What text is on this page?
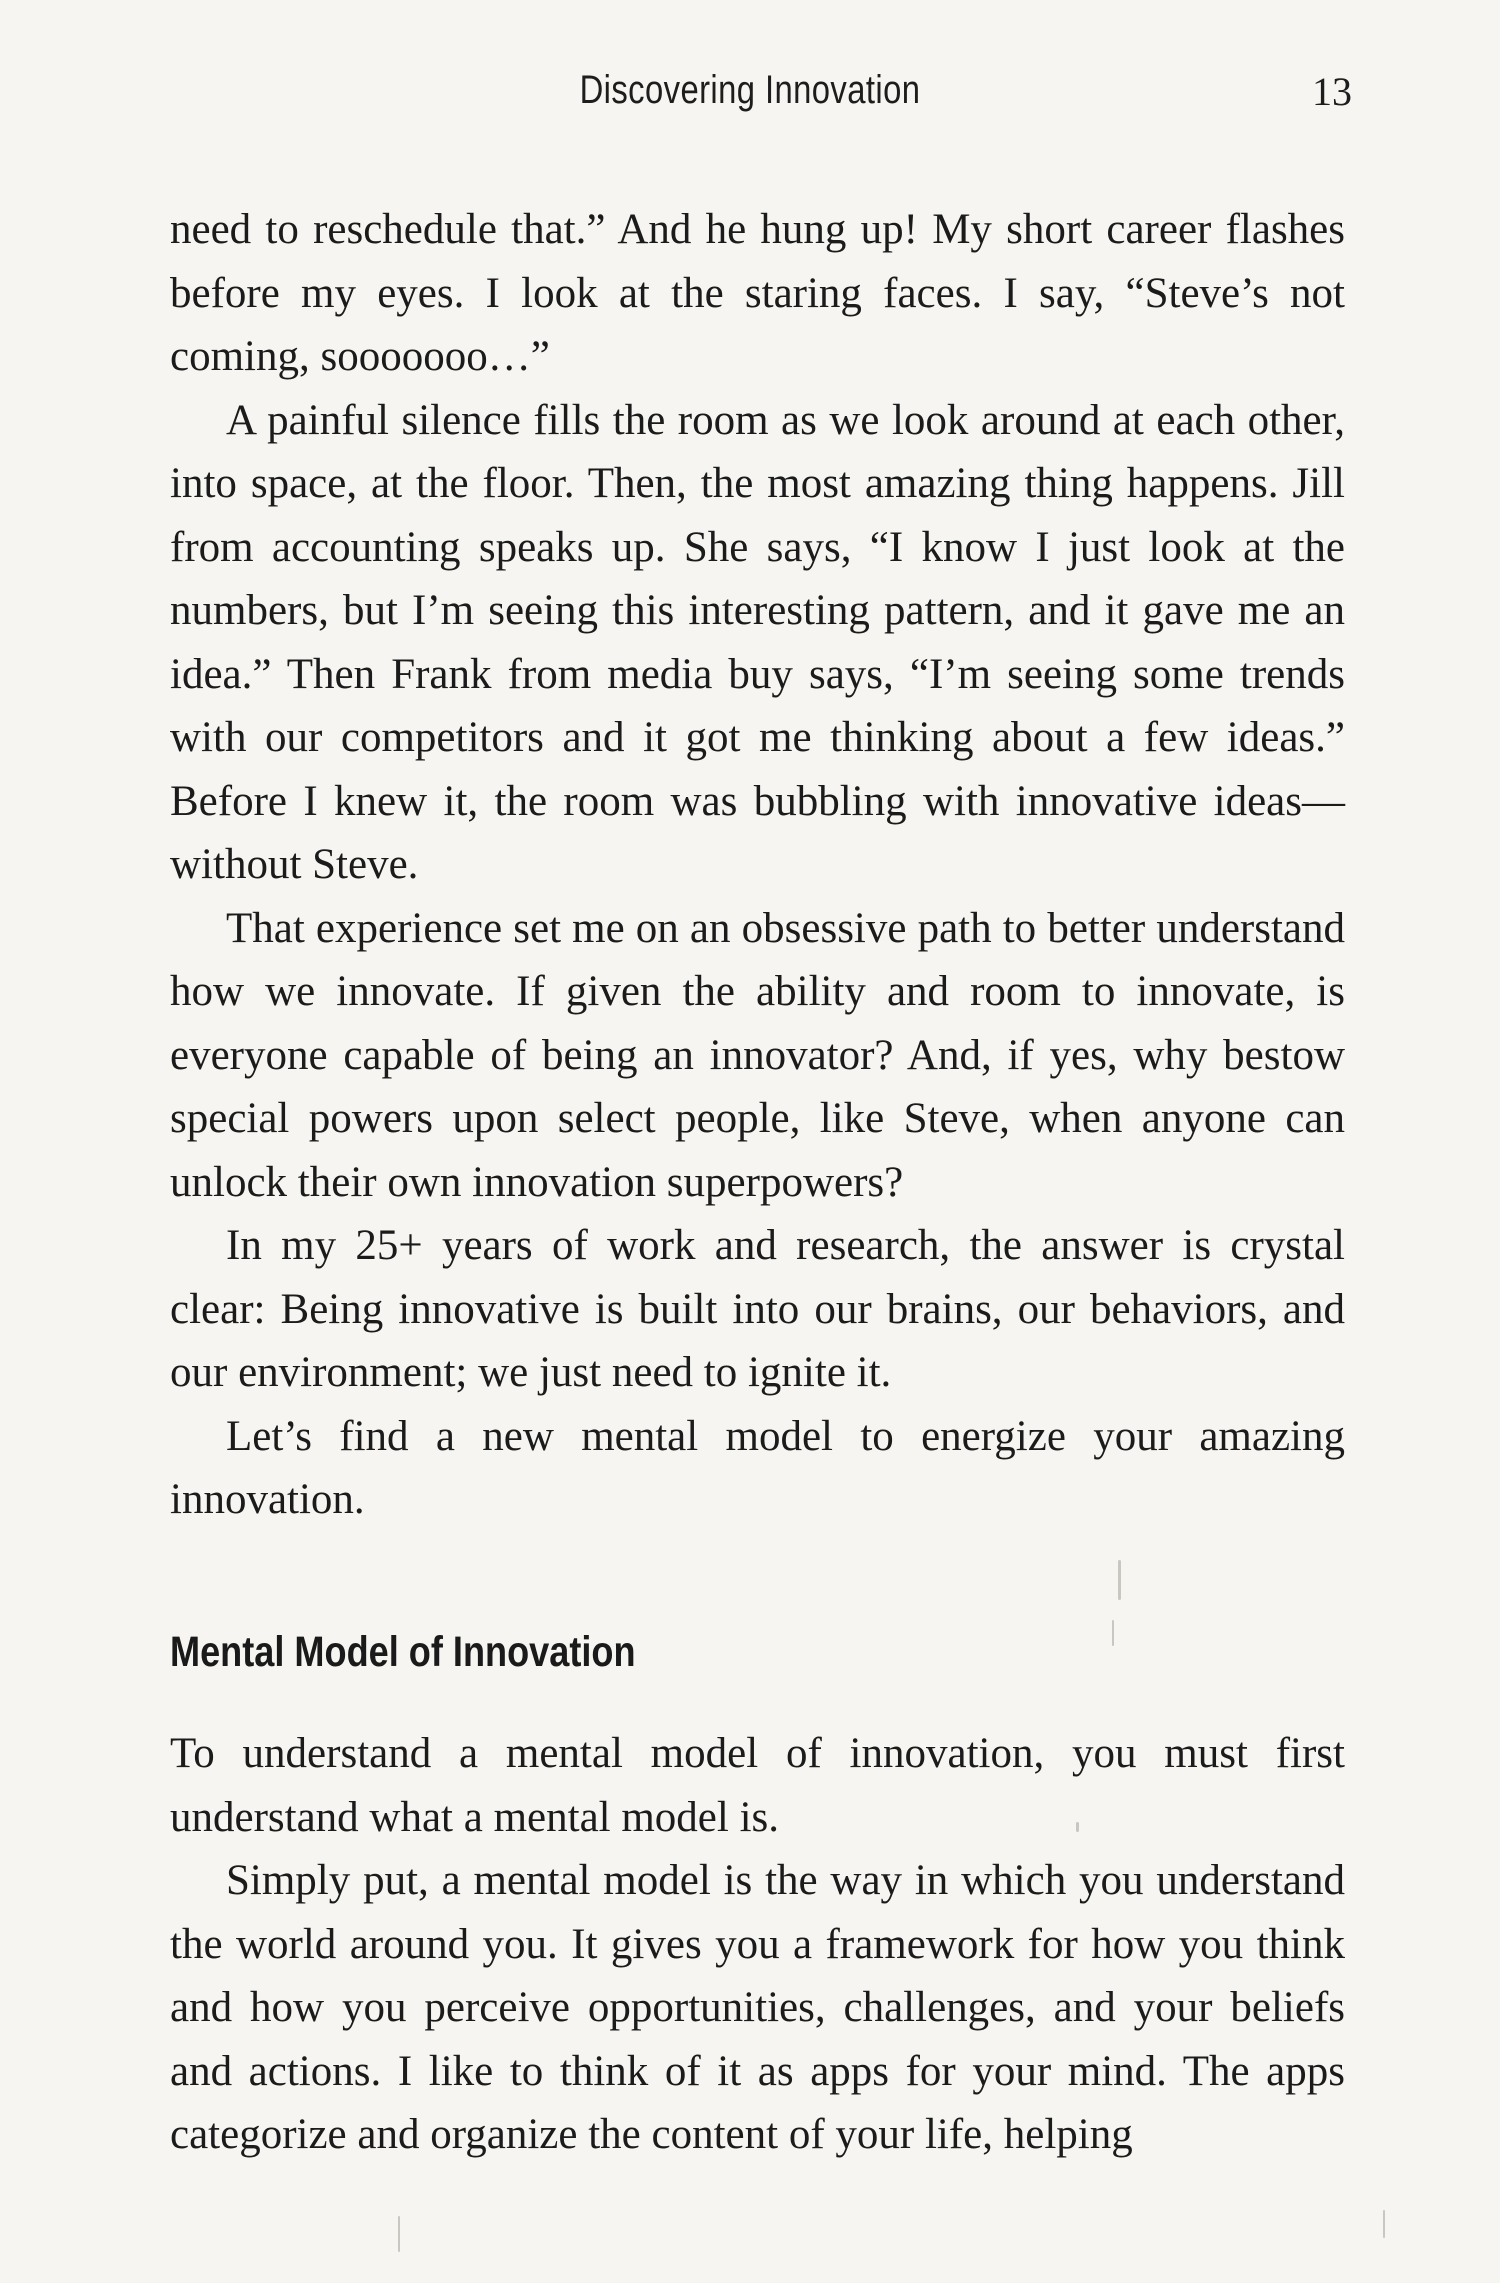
Discovering Innovation	13

need to reschedule that.” And he hung up! My short career flashes before my eyes. I look at the staring faces. I say, “Steve’s not coming, sooooooo…”

A painful silence fills the room as we look around at each other, into space, at the floor. Then, the most amazing thing happens. Jill from accounting speaks up. She says, “I know I just look at the numbers, but I’m seeing this interesting pattern, and it gave me an idea.” Then Frank from media buy says, “I’m seeing some trends with our competitors and it got me thinking about a few ideas.” Before I knew it, the room was bubbling with innovative ideas—without Steve.

That experience set me on an obsessive path to better understand how we innovate. If given the ability and room to innovate, is everyone capable of being an innovator? And, if yes, why bestow special powers upon select people, like Steve, when anyone can unlock their own innovation superpowers?

In my 25+ years of work and research, the answer is crystal clear: Being innovative is built into our brains, our behaviors, and our environment; we just need to ignite it.

Let’s find a new mental model to energize your amazing innovation.

Mental Model of Innovation

To understand a mental model of innovation, you must first understand what a mental model is.

Simply put, a mental model is the way in which you understand the world around you. It gives you a framework for how you think and how you perceive opportunities, challenges, and your beliefs and actions. I like to think of it as apps for your mind. The apps categorize and organize the content of your life, helping
